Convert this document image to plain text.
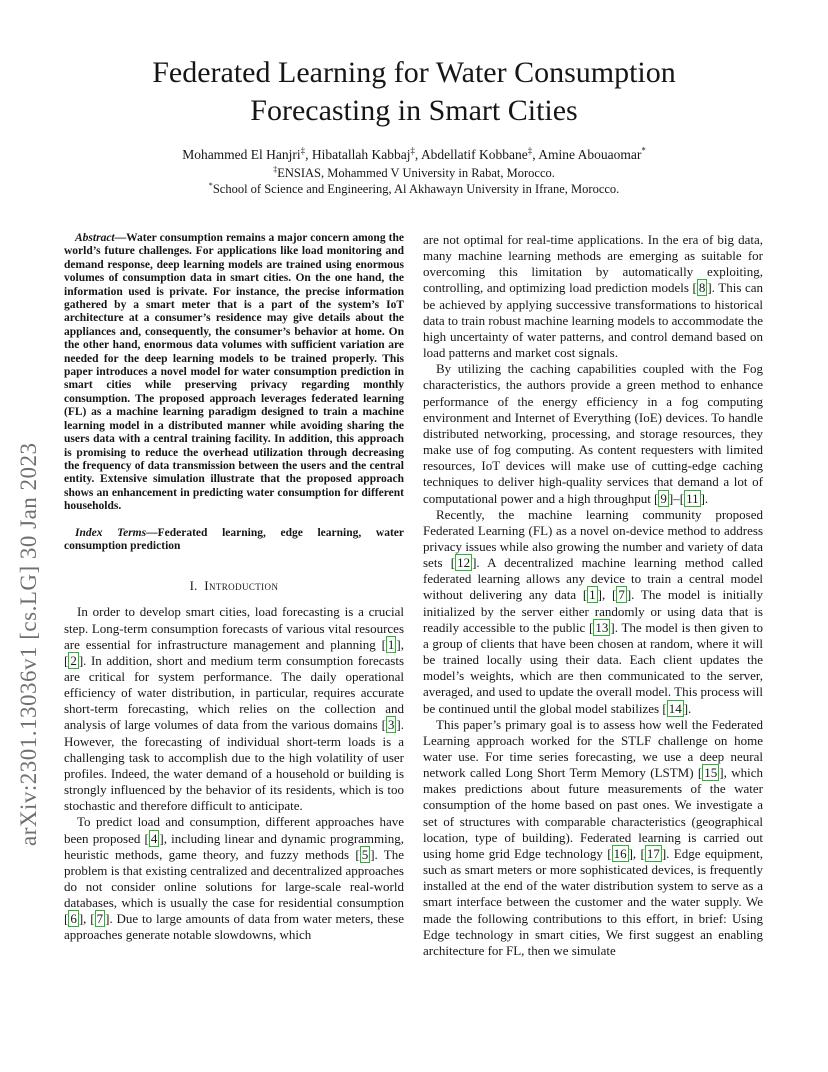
arXiv:2301.13036v1 [cs.LG] 30 Jan 2023
Federated Learning for Water Consumption
Forecasting in Smart Cities
Mohammed El Hanjri‡, Hibatallah Kabbaj‡, Abdellatif Kobbane‡, Amine Abouaomar*
‡ENSIAS, Mohammed V University in Rabat, Morocco.
*School of Science and Engineering, Al Akhawayn University in Ifrane, Morocco.

Abstract—Water consumption remains a major concern among the world’s future challenges. For applications like load monitoring and demand response, deep learning models are trained using enormous volumes of consumption data in smart cities. On the one hand, the information used is private. For instance, the precise information gathered by a smart meter that is a part of the system’s IoT architecture at a consumer’s residence may give details about the appliances and, consequently, the consumer’s behavior at home. On the other hand, enormous data volumes with sufficient variation are needed for the deep learning models to be trained properly. This paper introduces a novel model for water consumption prediction in smart cities while preserving privacy regarding monthly consumption. The proposed approach leverages federated learning (FL) as a machine learning paradigm designed to train a machine learning model in a distributed manner while avoiding sharing the users data with a central training facility. In addition, this approach is promising to reduce the overhead utilization through decreasing the frequency of data transmission between the users and the central entity. Extensive simulation illustrate that the proposed approach shows an enhancement in predicting water consumption for different households.

Index Terms—Federated learning, edge learning, water consumption prediction

I. Introduction

In order to develop smart cities, load forecasting is a crucial step. Long-term consumption forecasts of various vital resources are essential for infrastructure management and planning [ 1 ], [ 2 ]. In addition, short and medium term consumption forecasts are critical for system performance. The daily operational efficiency of water distribution, in particular, requires accurate short-term forecasting, which relies on the collection and analysis of large volumes of data from the various domains [ 3 ]. However, the forecasting of individual short-term loads is a challenging task to accomplish due to the high volatility of user profiles. Indeed, the water demand of a household or building is strongly influenced by the behavior of its residents, which is too stochastic and therefore difficult to anticipate.

To predict load and consumption, different approaches have been proposed [ 4 ], including linear and dynamic programming, heuristic methods, game theory, and fuzzy methods [ 5 ]. The problem is that existing centralized and decentralized approaches do not consider online solutions for large-scale real-world databases, which is usually the case for residential consumption [ 6 ], [ 7 ]. Due to large amounts of data from water meters, these approaches generate notable slowdowns, which

are not optimal for real-time applications. In the era of big data, many machine learning methods are emerging as suitable for overcoming this limitation by automatically exploiting, controlling, and optimizing load prediction models [ 8 ]. This can be achieved by applying successive transformations to historical data to train robust machine learning models to accommodate the high uncertainty of water patterns, and control demand based on load patterns and market cost signals.

By utilizing the caching capabilities coupled with the Fog characteristics, the authors provide a green method to enhance performance of the energy efficiency in a fog computing environment and Internet of Everything (IoE) devices. To handle distributed networking, processing, and storage resources, they make use of fog computing. As content requesters with limited resources, IoT devices will make use of cutting-edge caching techniques to deliver high-quality services that demand a lot of computational power and a high throughput [ 9 ]–[ 11 ].

Recently, the machine learning community proposed Federated Learning (FL) as a novel on-device method to address privacy issues while also growing the number and variety of data sets [ 12 ]. A decentralized machine learning method called federated learning allows any device to train a central model without delivering any data [ 1 ], [ 7 ]. The model is initially initialized by the server either randomly or using data that is readily accessible to the public [ 13 ]. The model is then given to a group of clients that have been chosen at random, where it will be trained locally using their data. Each client updates the model’s weights, which are then communicated to the server, averaged, and used to update the overall model. This process will be continued until the global model stabilizes [ 14 ].

This paper’s primary goal is to assess how well the Federated Learning approach worked for the STLF challenge on home water use. For time series forecasting, we use a deep neural network called Long Short Term Memory (LSTM) [ 15 ], which makes predictions about future measurements of the water consumption of the home based on past ones. We investigate a set of structures with comparable characteristics (geographical location, type of building). Federated learning is carried out using home grid Edge technology [ 16 ], [ 17 ]. Edge equipment, such as smart meters or more sophisticated devices, is frequently installed at the end of the water distribution system to serve as a smart interface between the customer and the water supply. We made the following contributions to this effort, in brief: Using Edge technology in smart cities, We first suggest an enabling architecture for FL, then we simulate
